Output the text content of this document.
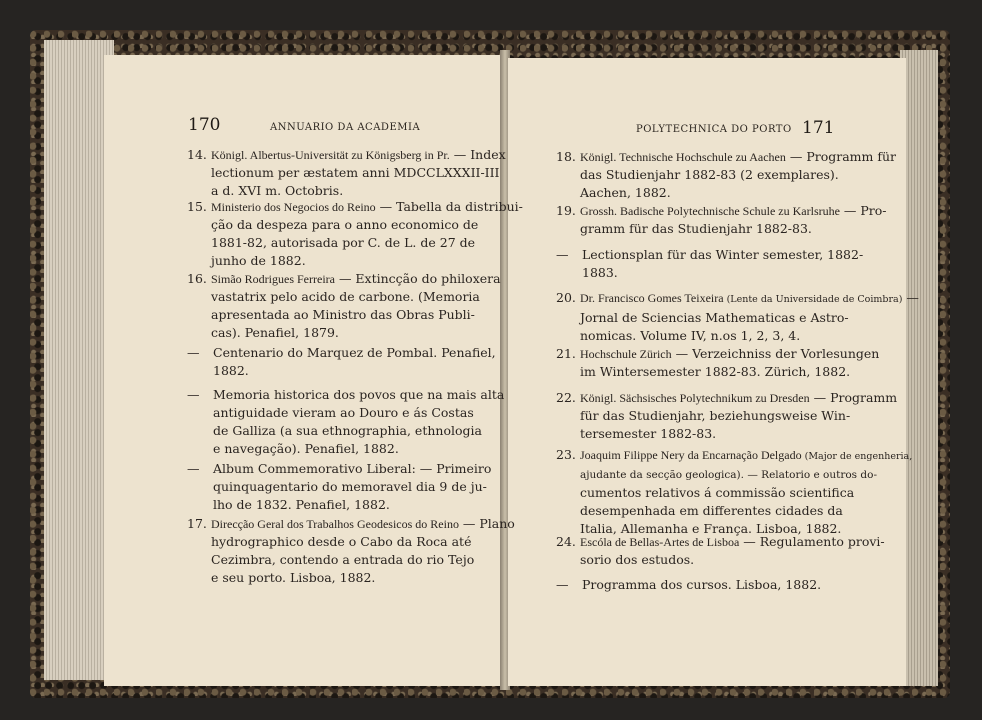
170	ANNUARIO DA ACADEMIA	POLYTECHNICA DO PORTO 171
14. Königl. Albertus-Universität zu Königsberg in Pr. — Index
lectionum per æstatem anni MDCCLXXXII-III
a d. XVI m. Octobris.
15. Ministerio dos Negocios do Reino — Tabella da distribui-
ção da despeza para o anno economico de
1881-82, autorisada por C. de L. de 27 de
junho de 1882.
16. Simão Rodrigues Ferreira — Extincção do philoxera
vastatrix pelo acido de carbone. (Memoria
apresentada ao Ministro das Obras Publi-
cas). Penafiel, 1879.
— Centenario do Marquez de Pombal. Penafiel,
1882.
— Memoria historica dos povos que na mais alta
antiguidade vieram ao Douro e ás Costas
de Galliza (a sua ethnographia, ethnologia
e navegação). Penafiel, 1882.
— Album Commemorativo Liberal: — Primeiro
quinquagentario do memoravel dia 9 de ju-
lho de 1832. Penafiel, 1882.
17. Direcção Geral dos Trabalhos Geodesicos do Reino — Plano
hydrographico desde o Cabo da Roca até
Cezimbra, contendo a entrada do rio Tejo
e seu porto. Lisboa, 1882.
18. Königl. Technische Hochschule zu Aachen — Programm für
das Studienjahr 1882-83 (2 exemplares).
Aachen, 1882.
19. Grossh. Badische Polytechnische Schule zu Karlsruhe — Pro-
gramm für das Studienjahr 1882-83.
— Lectionsplan für das Winter semester, 1882-
1883.
20. Dr. Francisco Gomes Teixeira (Lente da Universidade de Coimbra) —
Jornal de Sciencias Mathematicas e Astro-
nomicas. Volume IV, n.os 1, 2, 3, 4.
21. Hochschule Zürich — Verzeichniss der Vorlesungen
im Wintersemester 1882-83. Zürich, 1882.
22. Königl. Sächsisches Polytechnikum zu Dresden — Programm
für das Studienjahr, beziehungsweise Win-
tersemester 1882-83.
23. Joaquim Filippe Nery da Encarnação Delgado (Major de engenheria,
ajudante da secção geologica). — Relatorio e outros do-
cumentos relativos á commissão scientifica
desempenhada em differentes cidades da
Italia, Allemanha e França. Lisboa, 1882.
24. Escóla de Bellas-Artes de Lisboa — Regulamento provi-
sorio dos estudos.
— Programma dos cursos. Lisboa, 1882.
